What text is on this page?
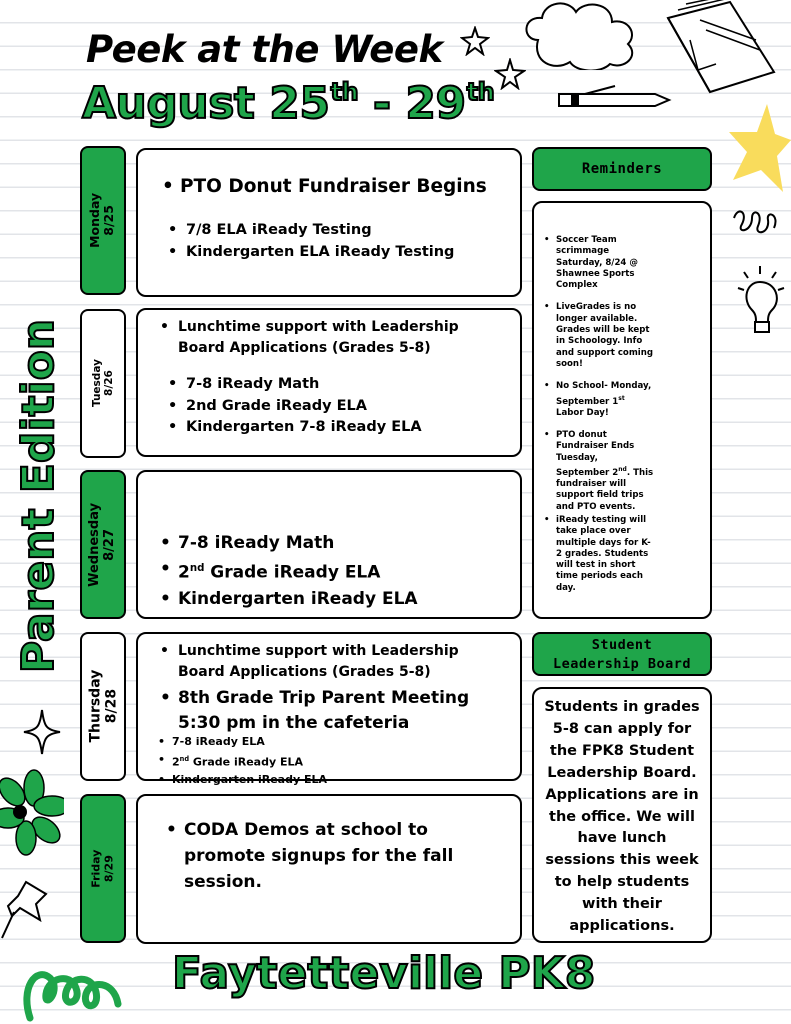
Peek at the Week
August 25th - 29th
Parent Edition
Monday
8/25
Tuesday
8/26
Wednesday
8/27
Thursday
8/28
Friday
8/29
• PTO Donut Fundraiser Begins
• 7/8 ELA iReady Testing
• Kindergarten ELA iReady Testing
• Lunchtime support with Leadership
Board Applications (Grades 5-8)
• 7-8 iReady Math
• 2nd Grade iReady ELA
• Kindergarten 7-8 iReady ELA
• 7-8 iReady Math
• 2nd Grade iReady ELA
• Kindergarten iReady ELA
• Lunchtime support with Leadership
Board Applications (Grades 5-8)
• 8th Grade Trip Parent Meeting
5:30 pm in the cafeteria
• 7-8 iReady ELA
• 2nd Grade iReady ELA
• Kindergarten iReady ELA
• CODA Demos at school to
promote signups for the fall
session.
Reminders
• Soccer Team scrimmage Saturday, 8/24 @ Shawnee Sports Complex
• LiveGrades is no longer available. Grades will be kept in Schoology. Info and support coming soon!
• No School- Monday, September 1st Labor Day!
• PTO donut Fundraiser Ends Tuesday, September 2nd. This fundraiser will support field trips and PTO events.
• iReady testing will take place over multiple days for K-2 grades. Students will test in short time periods each day.
Student
Leadership Board
Students in grades 5-8 can apply for the FPK8 Student Leadership Board. Applications are in the office. We will have lunch sessions this week to help students with their applications.
Faytetteville PK8
